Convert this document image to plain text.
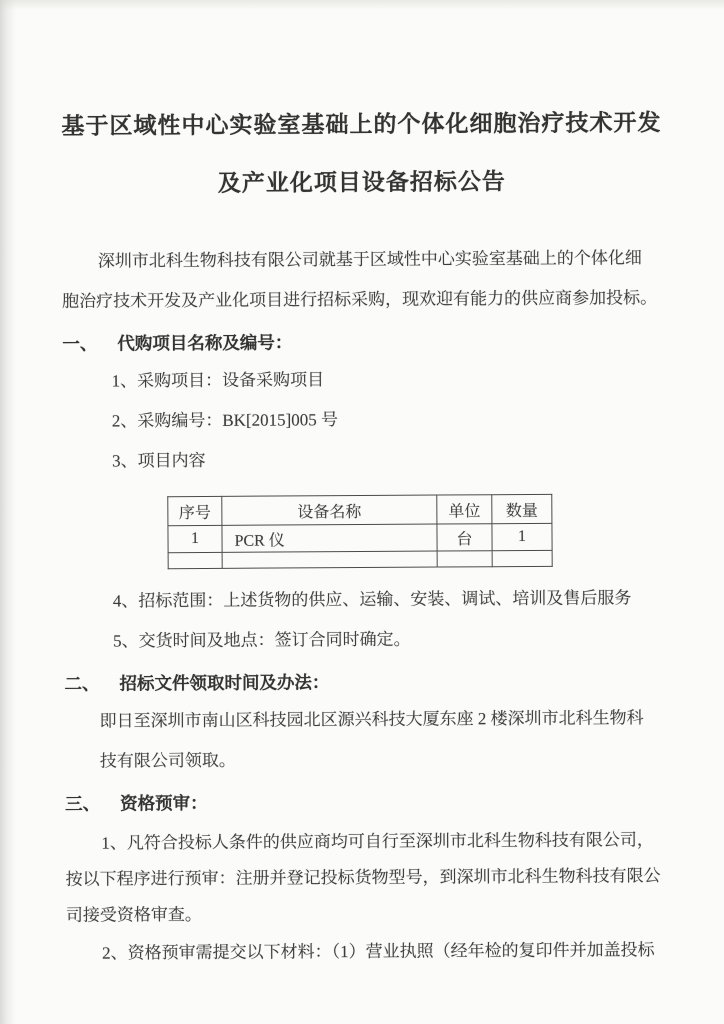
基于区域性中心实验室基础上的个体化细胞治疗技术开发
及产业化项目设备招标公告

深圳市北科生物科技有限公司就基于区域性中心实验室基础上的个体化细
胞治疗技术开发及产业化项目进行招标采购，现欢迎有能力的供应商参加投标。

一、	代购项目名称及编号：
1、采购项目：设备采购项目
2、采购编号：BK[2015]005 号
3、项目内容
序号	设备名称	单位	数量
1	PCR 仪	台	1

4、招标范围：上述货物的供应、运输、安装、调试、培训及售后服务
5、交货时间及地点：签订合同时确定。
二、	招标文件领取时间及办法：

即日至深圳市南山区科技园北区源兴科技大厦东座 2 楼深圳市北科生物科
技有限公司领取。

三、	资格预审：

1、凡符合投标人条件的供应商均可自行至深圳市北科生物科技有限公司，
按以下程序进行预审：注册并登记投标货物型号，到深圳市北科生物科技有限公
司接受资格审查。

2、资格预审需提交以下材料：（1）营业执照（经年检的复印件并加盖投标
